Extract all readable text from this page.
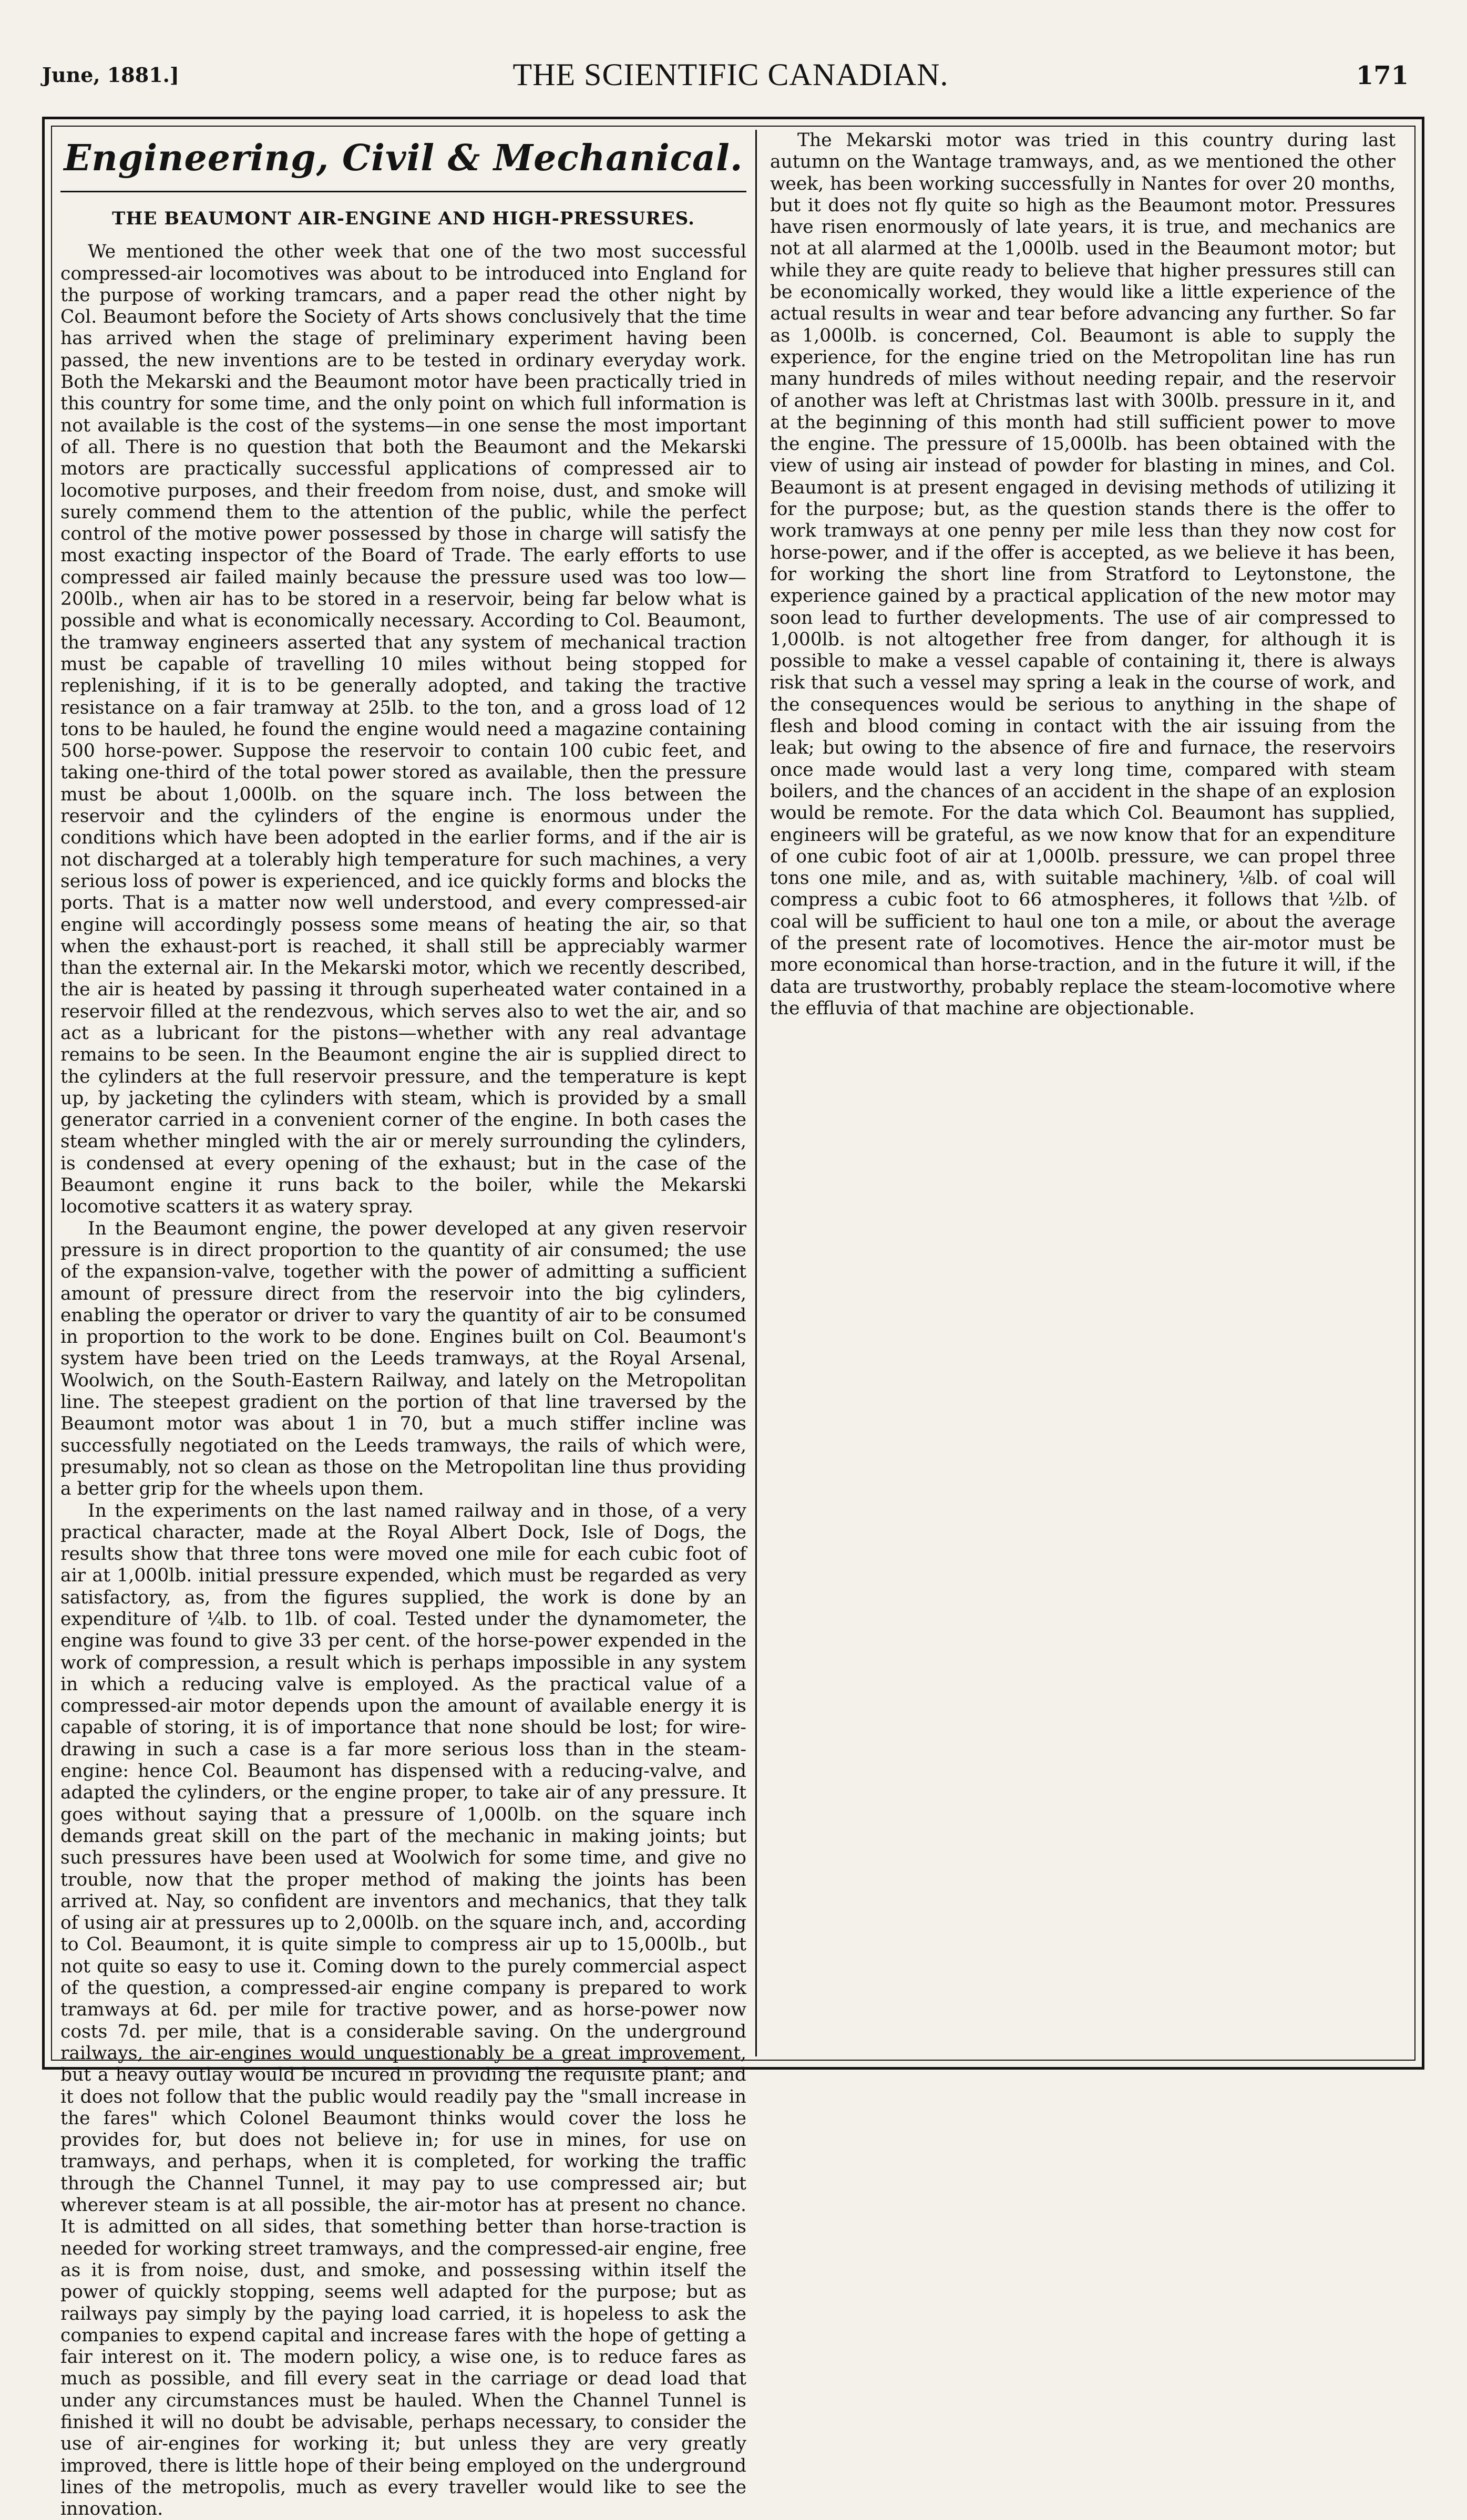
June, 1881.]	THE SCIENTIFIC CANADIAN.	171
Engineering, Civil & Mechanical.
THE BEAUMONT AIR-ENGINE AND HIGH-PRESSURES.

We mentioned the other week that one of the two most successful compressed-air locomotives was about to be introduced into England for the purpose of working tramcars, and a paper read the other night by Col. Beaumont before the Society of Arts shows conclusively that the time has arrived when the stage of preliminary experiment having been passed, the new inventions are to be tested in ordinary everyday work. Both the Mekarski and the Beaumont motor have been practically tried in this country for some time, and the only point on which full information is not available is the cost of the systems—in one sense the most important of all. There is no question that both the Beaumont and the Mekarski motors are practically successful applications of compressed air to locomotive purposes, and their freedom from noise, dust, and smoke will surely commend them to the attention of the public, while the perfect control of the motive power possessed by those in charge will satisfy the most exacting inspector of the Board of Trade. The early efforts to use compressed air failed mainly because the pressure used was too low—200lb., when air has to be stored in a reservoir, being far below what is possible and what is economically necessary. According to Col. Beaumont, the tramway engineers asserted that any system of mechanical traction must be capable of travelling 10 miles without being stopped for replenishing, if it is to be generally adopted, and taking the tractive resistance on a fair tramway at 25lb. to the ton, and a gross load of 12 tons to be hauled, he found the engine would need a magazine containing 500 horse-power. Suppose the reservoir to contain 100 cubic feet, and taking one-third of the total power stored as available, then the pressure must be about 1,000lb. on the square inch. The loss between the reservoir and the cylinders of the engine is enormous under the conditions which have been adopted in the earlier forms, and if the air is not discharged at a tolerably high temperature for such machines, a very serious loss of power is experienced, and ice quickly forms and blocks the ports. That is a matter now well understood, and every compressed-air engine will accordingly possess some means of heating the air, so that when the exhaust-port is reached, it shall still be appreciably warmer than the external air. In the Mekarski motor, which we recently described, the air is heated by passing it through superheated water contained in a reservoir filled at the rendezvous, which serves also to wet the air, and so act as a lubricant for the pistons—whether with any real advantage remains to be seen. In the Beaumont engine the air is supplied direct to the cylinders at the full reservoir pressure, and the temperature is kept up, by jacketing the cylinders with steam, which is provided by a small generator carried in a convenient corner of the engine. In both cases the steam whether mingled with the air or merely surrounding the cylinders, is condensed at every opening of the exhaust; but in the case of the Beaumont engine it runs back to the boiler, while the Mekarski locomotive scatters it as watery spray.

In the Beaumont engine, the power developed at any given reservoir pressure is in direct proportion to the quantity of air consumed; the use of the expansion-valve, together with the power of admitting a sufficient amount of pressure direct from the reservoir into the big cylinders, enabling the operator or driver to vary the quantity of air to be consumed in proportion to the work to be done. Engines built on Col. Beaumont's system have been tried on the Leeds tramways, at the Royal Arsenal, Woolwich, on the South-Eastern Railway, and lately on the Metropolitan line. The steepest gradient on the portion of that line traversed by the Beaumont motor was about 1 in 70, but a much stiffer incline was successfully negotiated on the Leeds tramways, the rails of which were, presumably, not so clean as those on the Metropolitan line thus providing a better grip for the wheels upon them.

In the experiments on the last named railway and in those, of a very practical character, made at the Royal Albert Dock, Isle of Dogs, the results show that three tons were moved one mile for each cubic foot of air at 1,000lb. initial pressure expended, which must be regarded as very satisfactory, as, from the figures supplied, the work is done by an expenditure of ¼lb. to 1lb. of coal. Tested under the dynamometer, the engine was found to give 33 per cent. of the horse-power expended in the work of compression, a result which is perhaps impossible in any system in which a reducing valve is employed. As the practical value of a compressed-air motor depends upon the amount of available energy it is capable of storing, it is of importance that none should be lost; for wire-drawing in such a case is a far more serious loss than in the steam-engine: hence Col. Beaumont has dispensed with a reducing-valve, and adapted the cylinders, or the engine proper, to take air of any pressure. It goes without saying that a pressure of 1,000lb. on the square inch demands great skill on the part of the mechanic in making joints; but such pressures have been used at Woolwich for some time, and give no trouble, now that the proper method of making the joints has been arrived at. Nay, so confident are inventors and mechanics, that they talk of using air at pressures up to 2,000lb. on the square inch, and, according to Col. Beaumont, it is quite simple to compress air up to 15,000lb., but not quite so easy to use it. Coming down to the purely commercial aspect of the question, a compressed-air engine company is prepared to work tramways at 6d. per mile for tractive power, and as horse-power now costs 7d. per mile, that is a considerable saving. On the underground railways, the air-engines would unquestionably be a great improvement, but a heavy outlay would be incured in providing the requisite plant; and it does not follow that the public would readily pay the "small increase in the fares" which Colonel Beaumont thinks would cover the loss he provides for, but does not believe in; for use in mines, for use on tramways, and perhaps, when it is completed, for working the traffic through the Channel Tunnel, it may pay to use compressed air; but wherever steam is at all possible, the air-motor has at present no chance. It is admitted on all sides, that something better than horse-traction is needed for working street tramways, and the compressed-air engine, free as it is from noise, dust, and smoke, and possessing within itself the power of quickly stopping, seems well adapted for the purpose; but as railways pay simply by the paying load carried, it is hopeless to ask the companies to expend capital and increase fares with the hope of getting a fair interest on it. The modern policy, a wise one, is to reduce fares as much as possible, and fill every seat in the carriage or dead load that under any circumstances must be hauled. When the Channel Tunnel is finished it will no doubt be advisable, perhaps necessary, to consider the use of air-engines for working it; but unless they are very greatly improved, there is little hope of their being employed on the underground lines of the metropolis, much as every traveller would like to see the innovation.

The Mekarski motor was tried in this country during last autumn on the Wantage tramways, and, as we mentioned the other week, has been working successfully in Nantes for over 20 months, but it does not fly quite so high as the Beaumont motor. Pressures have risen enormously of late years, it is true, and mechanics are not at all alarmed at the 1,000lb. used in the Beaumont motor; but while they are quite ready to believe that higher pressures still can be economically worked, they would like a little experience of the actual results in wear and tear before advancing any further. So far as 1,000lb. is concerned, Col. Beaumont is able to supply the experience, for the engine tried on the Metropolitan line has run many hundreds of miles without needing repair, and the reservoir of another was left at Christmas last with 300lb. pressure in it, and at the beginning of this month had still sufficient power to move the engine. The pressure of 15,000lb. has been obtained with the view of using air instead of powder for blasting in mines, and Col. Beaumont is at present engaged in devising methods of utilizing it for the purpose; but, as the question stands there is the offer to work tramways at one penny per mile less than they now cost for horse-power, and if the offer is accepted, as we believe it has been, for working the short line from Stratford to Leytonstone, the experience gained by a practical application of the new motor may soon lead to further developments. The use of air compressed to 1,000lb. is not altogether free from danger, for although it is possible to make a vessel capable of containing it, there is always risk that such a vessel may spring a leak in the course of work, and the consequences would be serious to anything in the shape of flesh and blood coming in contact with the air issuing from the leak; but owing to the absence of fire and furnace, the reservoirs once made would last a very long time, compared with steam boilers, and the chances of an accident in the shape of an explosion would be remote. For the data which Col. Beaumont has supplied, engineers will be grateful, as we now know that for an expenditure of one cubic foot of air at 1,000lb. pressure, we can propel three tons one mile, and as, with suitable machinery, ⅛lb. of coal will compress a cubic foot to 66 atmospheres, it follows that ½lb. of coal will be sufficient to haul one ton a mile, or about the average of the present rate of locomotives. Hence the air-motor must be more economical than horse-traction, and in the future it will, if the data are trustworthy, probably replace the steam-locomotive where the effluvia of that machine are objectionable.
